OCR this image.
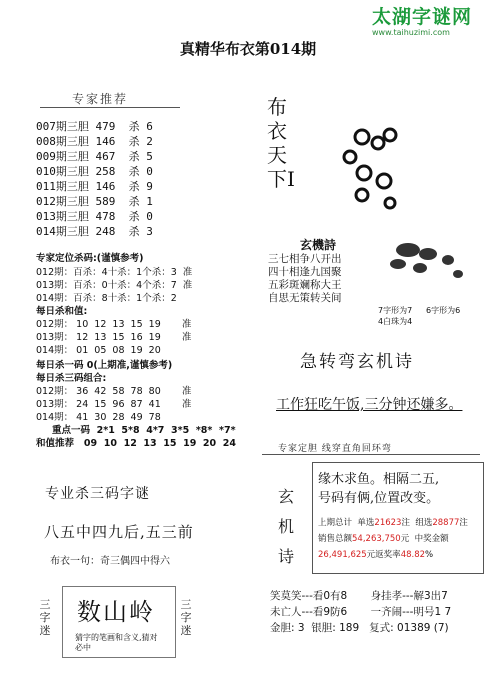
太湖字谜网
www.taihuzimi.com
真精华布衣第014期
专家推荐
007期三胆 479  杀 6
008期三胆 146  杀 2
009期三胆 467  杀 5
010期三胆 258  杀 0
011期三胆 146  杀 9
012期三胆 589  杀 1
013期三胆 478  杀 0
014期三胆 248  杀 3
布衣天下I
专家定位杀码:(谨慎参考)
012期：百杀：4十杀：1个杀：3  准
013期：百杀：0十杀：4个杀：7  准
014期：百杀：8十杀：1个杀：2
每日杀和值:
012期： 10  12  13  15  19       准
013期： 12  13  15  16  19       准
014期： 01  05  08  19  20
每日杀一码 0(上期准,谨慎参考)
每日杀三码组合:
012期： 36  42  58  78  80       准
013期： 24  15  96  87  41       准
014期： 41  30  28  49  78
重点一码  2*1  5*8  4*7  3*5  *8*  *7*
和值推荐   09  10  12  13  15  19  20  24
玄機詩
三七相争八开出
四十相逢九国聚
五彩斑斓称大王
自思无策转关间
7字形为7 6字形为6
4白珠为4
急转弯玄机诗
工作狂吃午饭,三分钟还嫌多。
专业杀三码字谜
八五中四九后,五三前
布衣一句：奇三偶四中得六
三字迷
三字迷
数山岭
猜字的笔画和含义,猜对必中
专家定胆 线穿直角回环弯
玄
机
诗
缘木求鱼。相隔二五,
号码有俩,位置改变。
上期总计  单选21623注  组选28877注
销售总额54,263,750元  中奖金额
26,491,625元返奖率48.82%
笑莫笑---看0有8       身挂孝---解3出7
未亡人---看9防6       一齐闹---明号1 7
金胆: 3  银胆: 189   复式: 01389 (7)
